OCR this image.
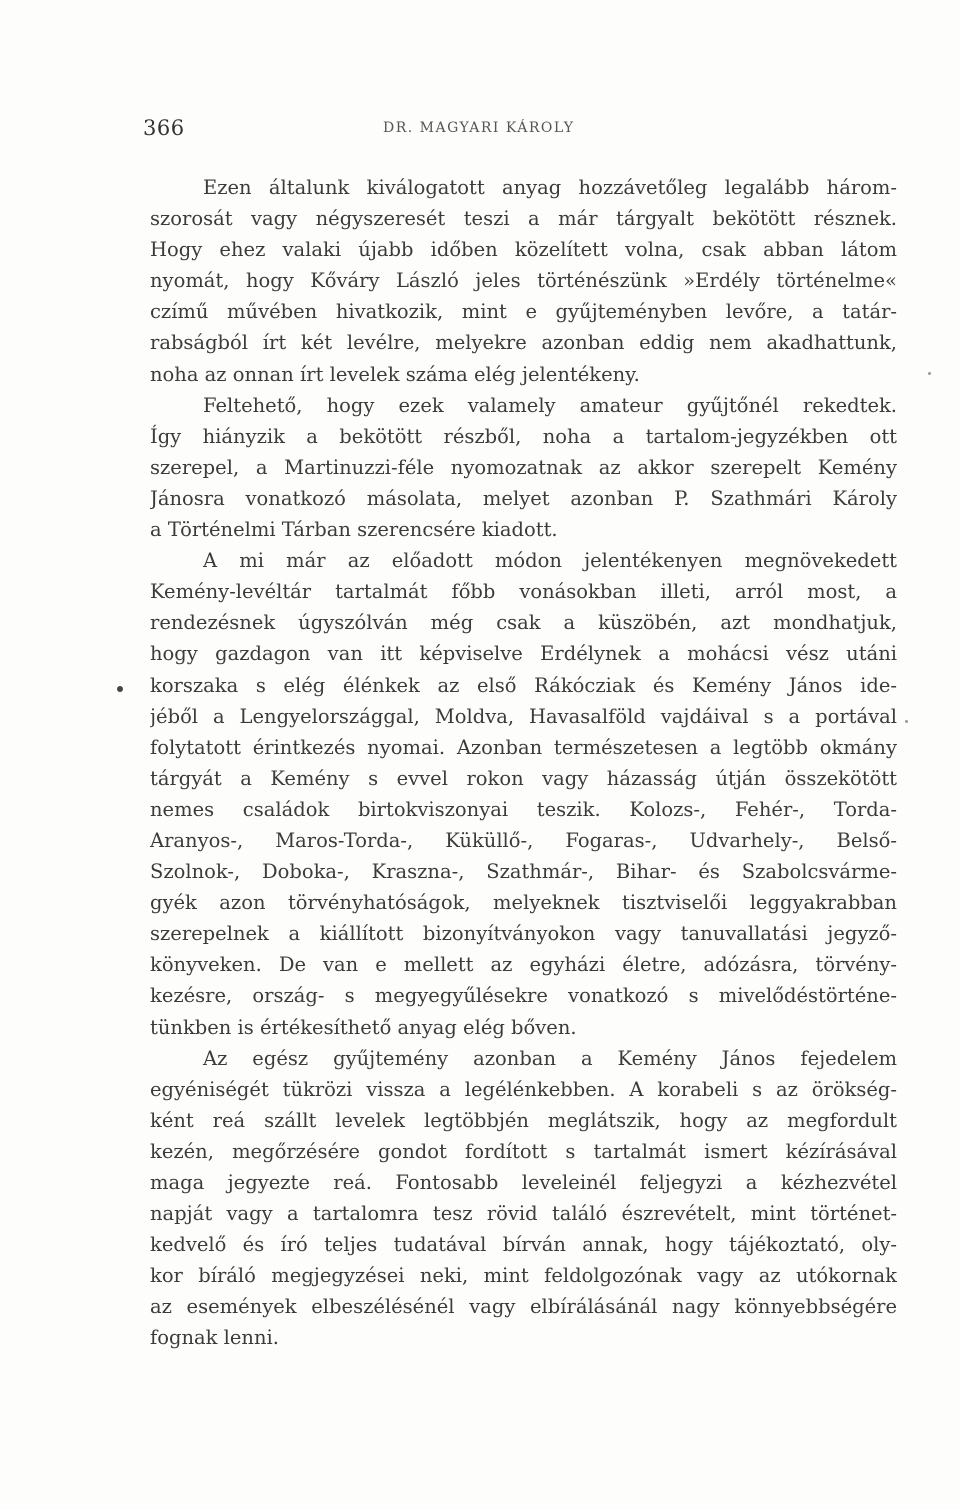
366	DR. MAGYARI KÁROLY
Ezen általunk kiválogatott anyag hozzávetőleg legalább három-
szorosát vagy négyszeresét teszi a már tárgyalt bekötött résznek.
Hogy ehez valaki újabb időben közelített volna, csak abban látom
nyomát, hogy Kőváry László jeles történészünk »Erdély történelme«
czímű művében hivatkozik, mint e gyűjteményben levőre, a tatár-
rabságból írt két levélre, melyekre azonban eddig nem akadhattunk,
noha az onnan írt levelek száma elég jelentékeny.
Feltehető, hogy ezek valamely amateur gyűjtőnél rekedtek.
Így hiányzik a bekötött részből, noha a tartalom-jegyzékben ott
szerepel, a Martinuzzi-féle nyomozatnak az akkor szerepelt Kemény
Jánosra vonatkozó másolata, melyet azonban P. Szathmári Károly
a Történelmi Tárban szerencsére kiadott.
A mi már az előadott módon jelentékenyen megnövekedett
Kemény-levéltár tartalmát főbb vonásokban illeti, arról most, a
rendezésnek úgyszólván még csak a küszöbén, azt mondhatjuk,
hogy gazdagon van itt képviselve Erdélynek a mohácsi vész utáni
korszaka s elég élénkek az első Rákócziak és Kemény János ide-
jéből a Lengyelországgal, Moldva, Havasalföld vajdáival s a portával
folytatott érintkezés nyomai. Azonban természetesen a legtöbb okmány
tárgyát a Kemény s evvel rokon vagy házasság útján összekötött
nemes családok birtokviszonyai teszik. Kolozs-, Fehér-, Torda-
Aranyos-, Maros-Torda-, Küküllő-, Fogaras-, Udvarhely-, Belső-
Szolnok-, Doboka-, Kraszna-, Szathmár-, Bihar- és Szabolcsvárme-
gyék azon törvényhatóságok, melyeknek tisztviselői leggyakrabban
szerepelnek a kiállított bizonyítványokon vagy tanuvallatási jegyző-
könyveken. De van e mellett az egyházi életre, adózásra, törvény-
kezésre, ország- s megyegyűlésekre vonatkozó s mivelődéstörténe-
tünkben is értékesíthető anyag elég bőven.
Az egész gyűjtemény azonban a Kemény János fejedelem
egyéniségét tükrözi vissza a legélénkebben. A korabeli s az örökség-
ként reá szállt levelek legtöbbjén meglátszik, hogy az megfordult
kezén, megőrzésére gondot fordított s tartalmát ismert kézírásával
maga jegyezte reá. Fontosabb leveleinél feljegyzi a kézhezvétel
napját vagy a tartalomra tesz rövid találó észrevételt, mint történet-
kedvelő és író teljes tudatával bírván annak, hogy tájékoztató, oly-
kor bíráló megjegyzései neki, mint feldolgozónak vagy az utókornak
az események elbeszélésénél vagy elbírálásánál nagy könnyebbségére
fognak lenni.
